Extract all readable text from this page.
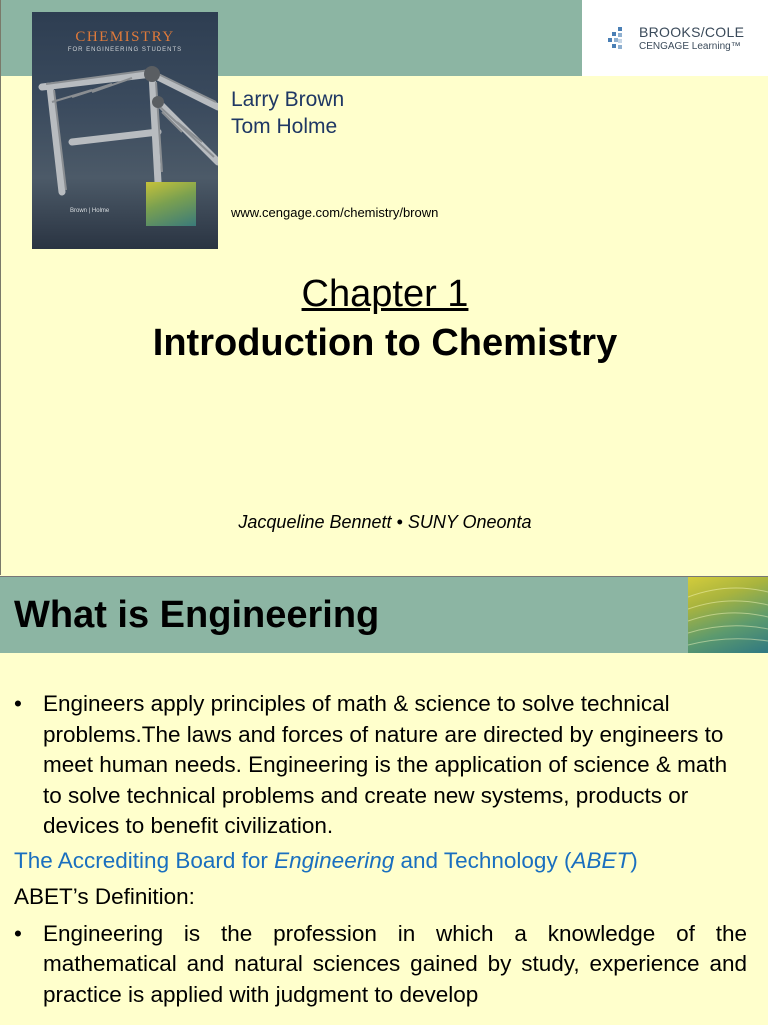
BROOKS/COLE
CENGAGE Learning™
CHEMISTRY
FOR ENGINEERING STUDENTS
Brown | Holme
Larry Brown
Tom Holme
www.cengage.com/chemistry/brown
Chapter 1
Introduction to Chemistry
Jacqueline Bennett • SUNY Oneonta
What is Engineering
• Engineers apply principles of math & science to solve technical problems.The laws and forces of nature are directed by engineers to meet human needs. Engineering is the application of science & math to solve technical problems and create new systems, products or devices to benefit civilization.

The Accrediting Board for Engineering and Technology (ABET)
ABET’s Definition:
• Engineering is the profession in which a knowledge of the mathematical and natural sciences gained by study, experience and practice is applied with judgment to develop
